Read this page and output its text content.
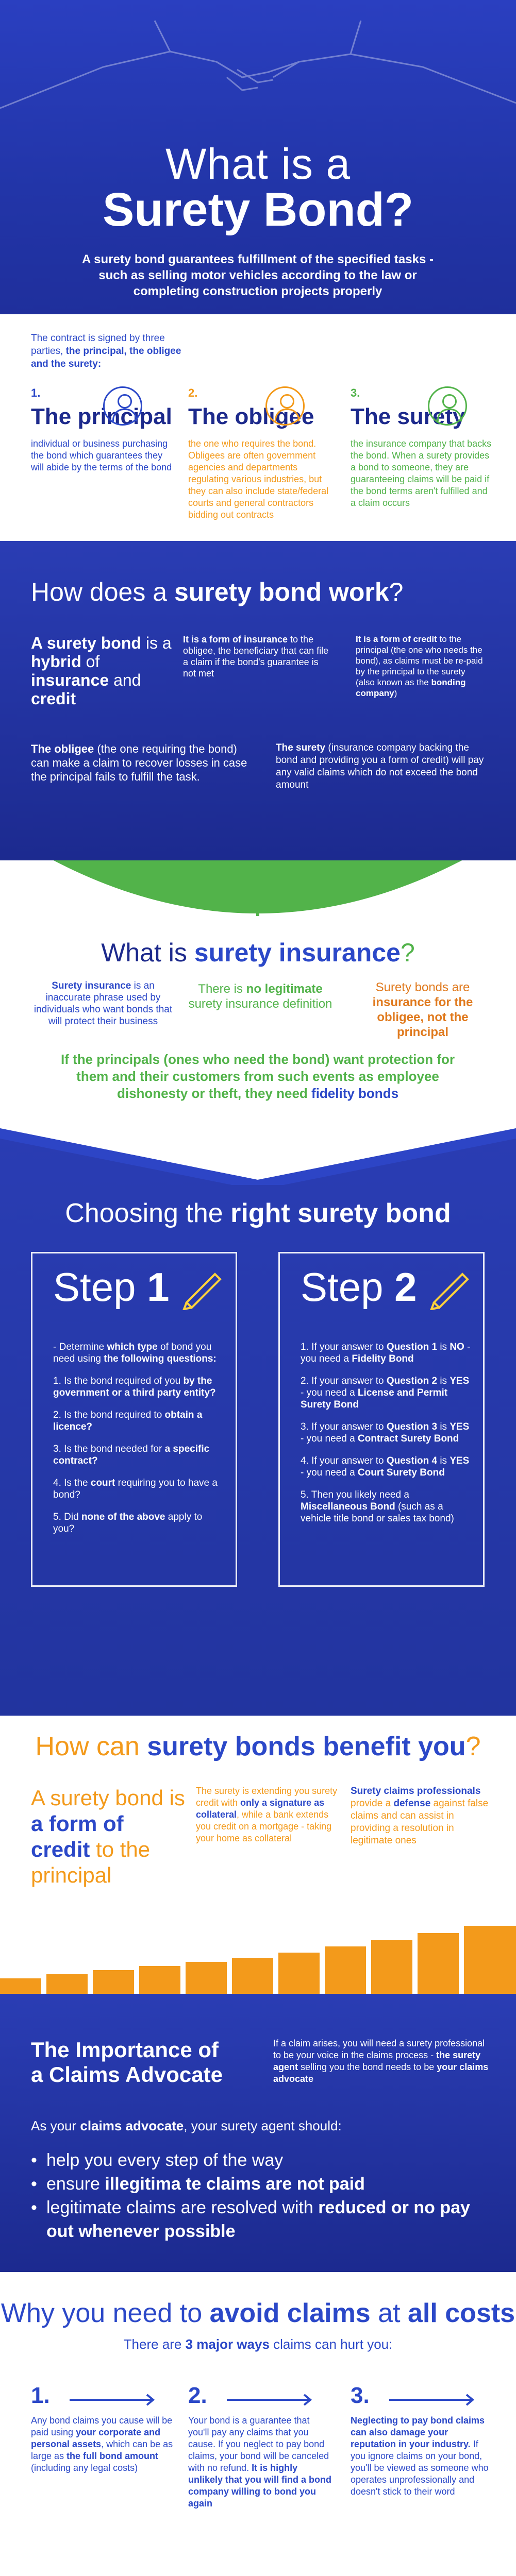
What is a
Surety Bond?
A surety bond guarantees fulfillment of the specified tasks - such as selling motor vehicles according to the law or completing construction projects properly
The contract is signed by three parties, the principal, the obligee and the surety:
1.
The principal
individual or business purchasing the bond which guarantees they will abide by the terms of the bond
2.
The obligee
the one who requires the bond. Obligees are often government agencies and departments regulating various industries, but they can also include state/federal courts and general contractors bidding out contracts
3.
The surety
the insurance company that backs the bond. When a surety provides a bond to someone, they are guaranteeing claims will be paid if the bond terms aren't fulfilled and a claim occurs
How does a surety bond work?
A surety bond is a hybrid of insurance and credit
It is a form of insurance to the obligee, the beneficiary that can file a claim if the bond's guarantee is not met
It is a form of credit to the principal (the one who needs the bond), as claims must be re-paid by the principal to the surety (also known as the bonding company)
The obligee (the one requiring the bond) can make a claim to recover losses in case the principal fails to fulfill the task.
The surety (insurance company backing the bond and providing you a form of credit) will pay any valid claims which do not exceed the bond amount
What is surety insurance?
Surety insurance is an inaccurate phrase used by individuals who want bonds that will protect their business
There is no legitimate surety insurance definition
Surety bonds are insurance for the obligee, not the principal
If the principals (ones who need the bond) want protection for them and their customers from such events as employee dishonesty or theft, they need fidelity bonds
Choosing the right surety bond
Step 1

- Determine which type of bond you need using the following questions:

1. Is the bond required of you by the government or a third party entity?

2. Is the bond required to obtain a licence?

3. Is the bond needed for a specific contract?

4. Is the court requiring you to have a bond?

5. Did none of the above apply to you?

Step 2

1. If your answer to Question 1 is NO - you need a Fidelity Bond

2. If your answer to Question 2 is YES - you need a License and Permit Surety Bond

3. If your answer to Question 3 is YES - you need a Contract Surety Bond

4. If your answer to Question 4 is YES - you need a Court Surety Bond

5. Then you likely need a Miscellaneous Bond (such as a vehicle title bond or sales tax bond)

How can surety bonds benefit you?
A surety bond is a form of credit to the principal
The surety is extending you surety credit with only a signature as collateral, while a bank extends you credit on a mortgage - taking your home as collateral
Surety claims professionals provide a defense against false claims and can assist in providing a resolution in legitimate ones
The Importance of
a Claims Advocate
If a claim arises, you will need a surety professional to be your voice in the claims process - the surety agent selling you the bond needs to be your claims advocate
As your claims advocate, your surety agent should:
• help you every step of the way
• ensure illegitima te claims are not paid
• legitimate claims are resolved with reduced or no pay out whenever possible
Why you need to avoid claims at all costs
There are 3 major ways claims can hurt you:
1.
Any bond claims you cause will be paid using your corporate and personal assets, which can be as large as the full bond amount (including any legal costs)
2.
Your bond is a guarantee that you'll pay any claims that you cause. If you neglect to pay bond claims, your bond will be canceled with no refund. It is highly unlikely that you will find a bond company willing to bond you again
3.
Neglecting to pay bond claims can also damage your reputation in your industry. If you ignore claims on your bond, you'll be viewed as someone who operates unprofessionally and doesn't stick to their word
